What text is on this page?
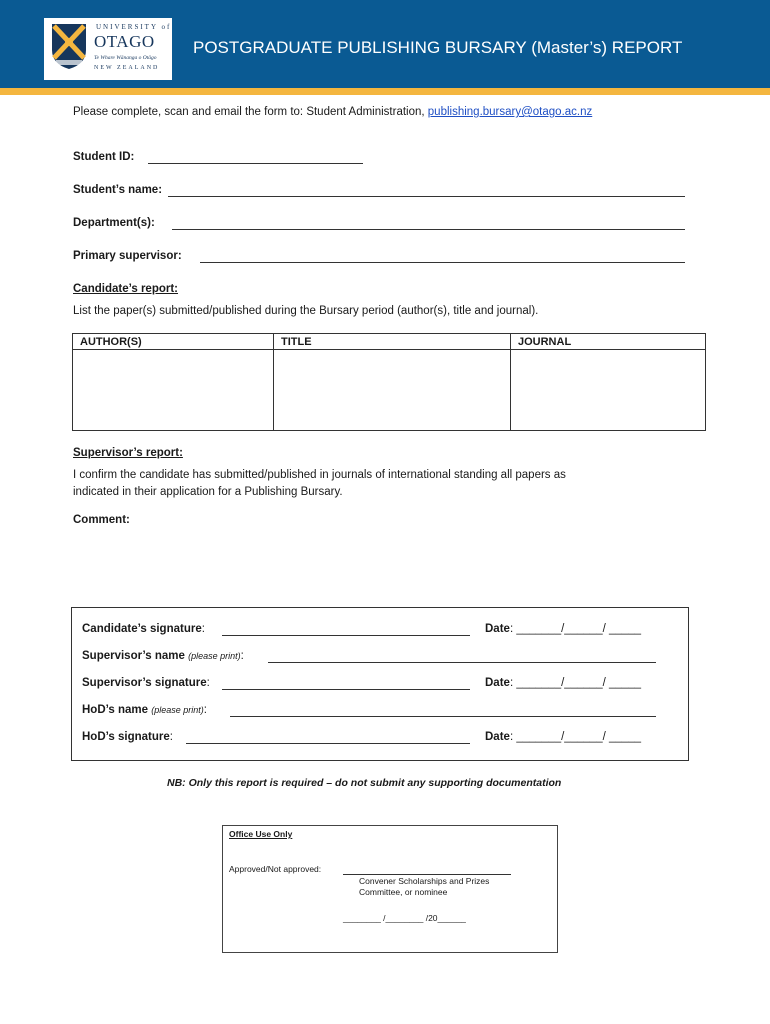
UNIVERSITY of
OTAGO
Te Whare Wānanga o Otāgo
NEW ZEALAND
POSTGRADUATE PUBLISHING BURSARY (Master’s) REPORT
Please complete, scan and email the form to: Student Administration, publishing.bursary@otago.ac.nz
Student ID:
Student’s name:
Department(s):
Primary supervisor:
Candidate’s report:
List the paper(s) submitted/published during the Bursary period (author(s), title and journal).
AUTHOR(S)	TITLE	JOURNAL

Supervisor’s report:
I confirm the candidate has submitted/published in journals of international standing all papers as
indicated in their application for a Publishing Bursary.
Comment:
Candidate’s signature:	Date: _______/______/ _____
Supervisor’s name (please print):
Supervisor’s signature:	Date: _______/______/ _____
HoD’s name (please print):
HoD’s signature:	Date: _______/______/ _____
NB: Only this report is required – do not submit any supporting documentation
Office Use Only
Approved/Not approved:
Convener Scholarships and Prizes
Committee, or nominee
________ /________ /20______
